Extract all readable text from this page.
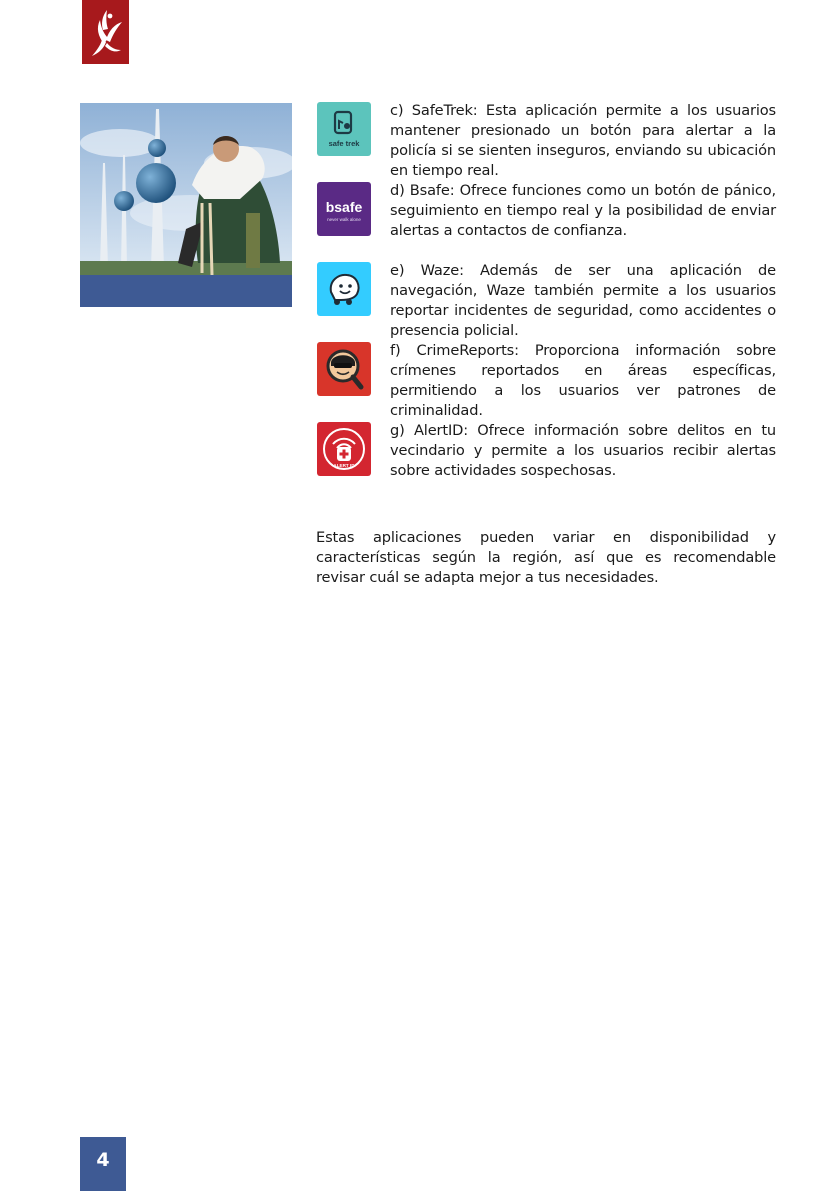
safe trek

c) SafeTrek: Esta aplicación permite a los usuarios mantener presionado un botón para alertar a la policía si se sienten inseguros, enviando su ubicación en tiempo real.

bsafe
never walk alone

d) Bsafe: Ofrece funciones como un botón de pánico, seguimiento en tiempo real y la posibilidad de enviar alertas a contactos de confianza.

e) Waze: Además de ser una aplicación de navegación, Waze también permite a los usuarios reportar incidentes de seguridad, como accidentes o presencia policial.

f) CrimeReports: Proporciona información sobre crímenes reportados en áreas específicas, permitiendo a los usuarios ver patrones de criminalidad.

ALERT ID

g) AlertID: Ofrece información sobre delitos en tu vecindario y permite a los usuarios recibir alertas sobre actividades sospechosas.

Estas aplicaciones pueden variar en disponibilidad y características según la región, así que es recomendable revisar cuál se adapta mejor a tus necesidades.

4
